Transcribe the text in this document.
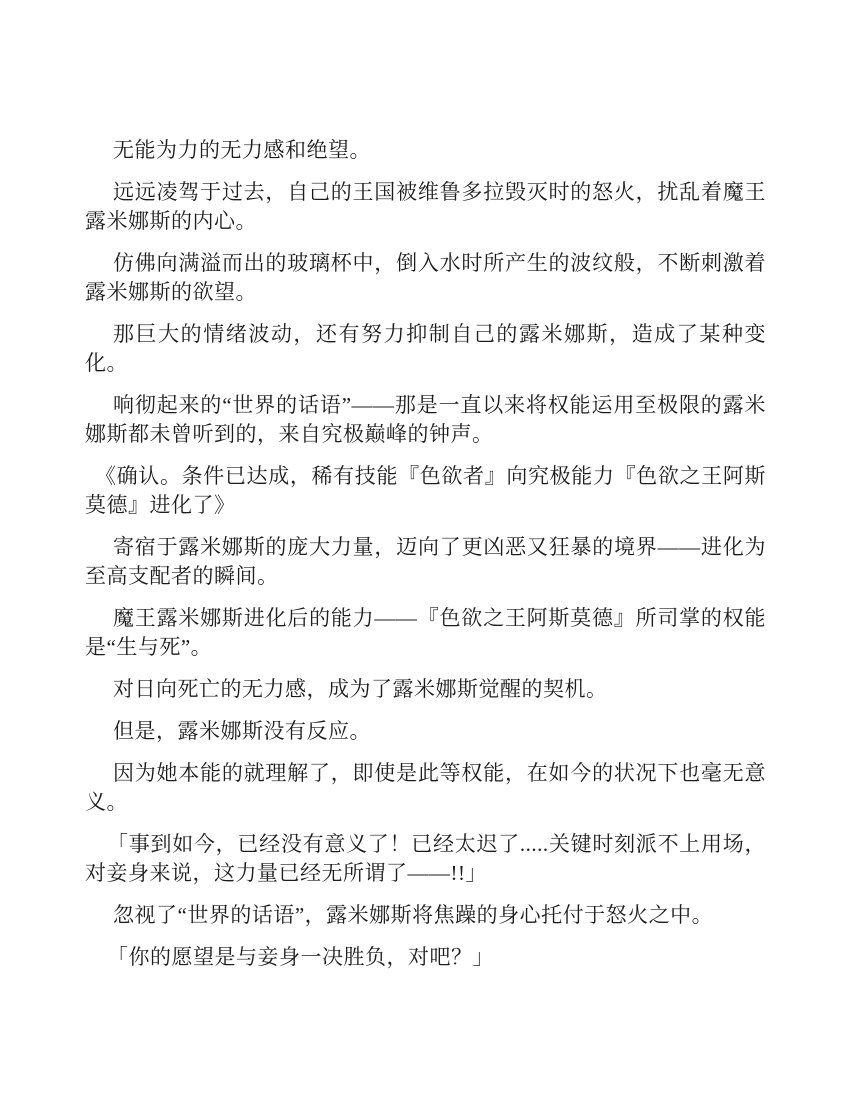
无能为力的无力感和绝望。

远远凌驾于过去，自己的王国被维鲁多拉毁灭时的怒火，扰乱着魔王露米娜斯的内心。

仿佛向满溢而出的玻璃杯中，倒入水时所产生的波纹般，不断刺激着露米娜斯的欲望。

那巨大的情绪波动，还有努力抑制自己的露米娜斯，造成了某种变化。

响彻起来的“世界的话语”——那是一直以来将权能运用至极限的露米娜斯都未曾听到的，来自究极巅峰的钟声。

《确认。条件已达成，稀有技能『色欲者』向究极能力『色欲之王阿斯莫德』进化了》

寄宿于露米娜斯的庞大力量，迈向了更凶恶又狂暴的境界——进化为至高支配者的瞬间。

魔王露米娜斯进化后的能力——『色欲之王阿斯莫德』所司掌的权能是“生与死”。

对日向死亡的无力感，成为了露米娜斯觉醒的契机。

但是，露米娜斯没有反应。

因为她本能的就理解了，即使是此等权能，在如今的状况下也毫无意义。

「事到如今，已经没有意义了！已经太迟了.....关键时刻派不上用场，对妾身来说，这力量已经无所谓了——!!」

忽视了“世界的话语”，露米娜斯将焦躁的身心托付于怒火之中。

「你的愿望是与妾身一决胜负，对吧？」
